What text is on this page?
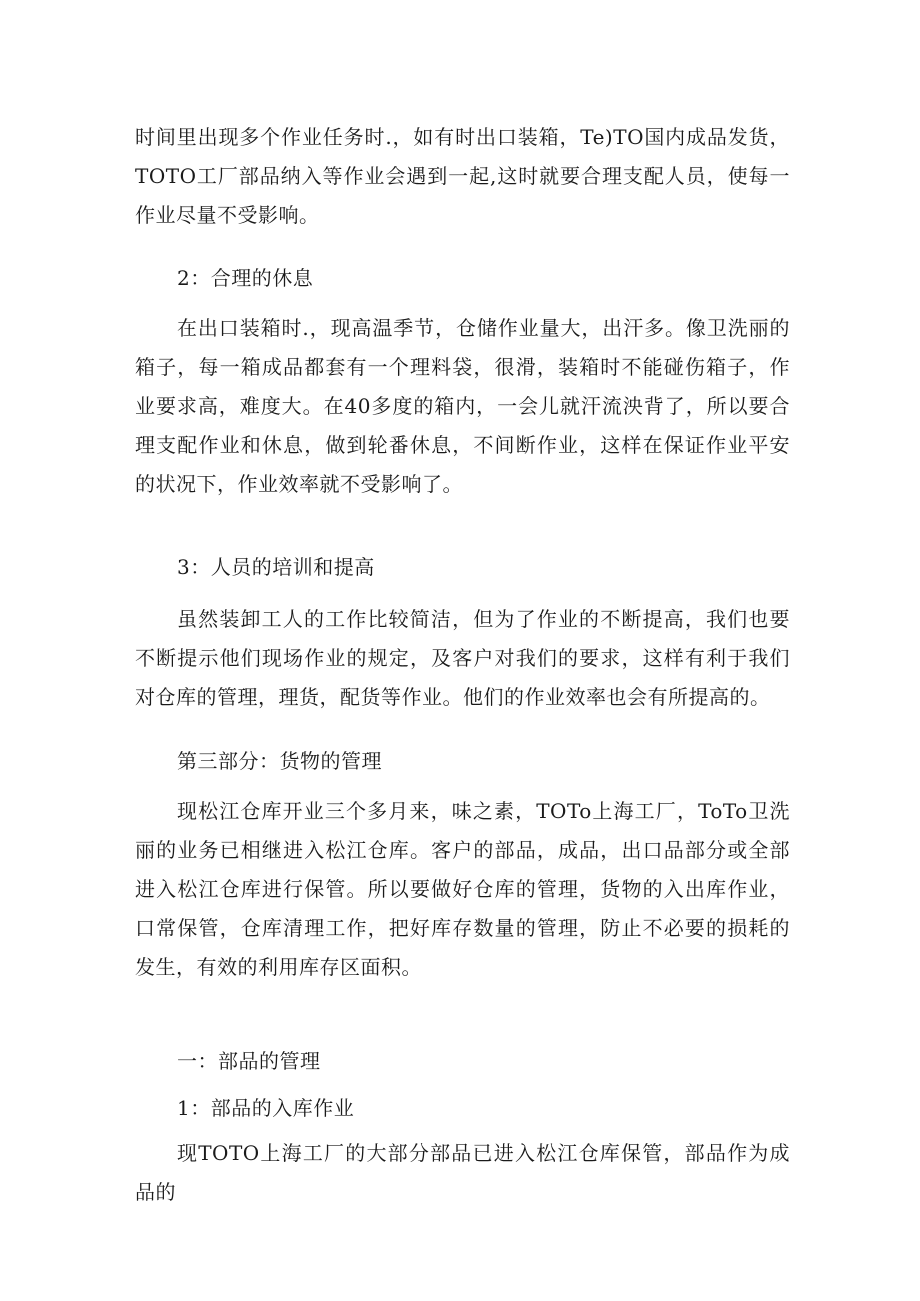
时间里出现多个作业任务时.，如有时出口装箱，Te)TO国内成品发货，TOTO工厂部品纳入等作业会遇到一起,这时就要合理支配人员，使每一作业尽量不受影响。

2：合理的休息

在出口装箱时.，现高温季节，仓储作业量大，出汗多。像卫洗丽的箱子，每一箱成品都套有一个理料袋，很滑，装箱时不能碰伤箱子，作业要求高，难度大。在40多度的箱内，一会儿就汗流泱背了，所以要合理支配作业和休息，做到轮番休息，不间断作业，这样在保证作业平安的状况下，作业效率就不受影响了。

3：人员的培训和提高

虽然装卸工人的工作比较简洁，但为了作业的不断提高，我们也要不断提示他们现场作业的规定，及客户对我们的要求，这样有利于我们对仓库的管理，理货，配货等作业。他们的作业效率也会有所提高的。

第三部分：货物的管理

现松江仓库开业三个多月来，味之素，TOTo上海工厂，ToTo卫洗丽的业务已相继进入松江仓库。客户的部品，成品，出口品部分或全部进入松江仓库进行保管。所以要做好仓库的管理，货物的入出库作业，口常保管，仓库清理工作，把好库存数量的管理，防止不必要的损耗的发生，有效的利用库存区面积。

一：部品的管理

1：部品的入库作业

现TOTO上海工厂的大部分部品已进入松江仓库保管，部品作为成品的
